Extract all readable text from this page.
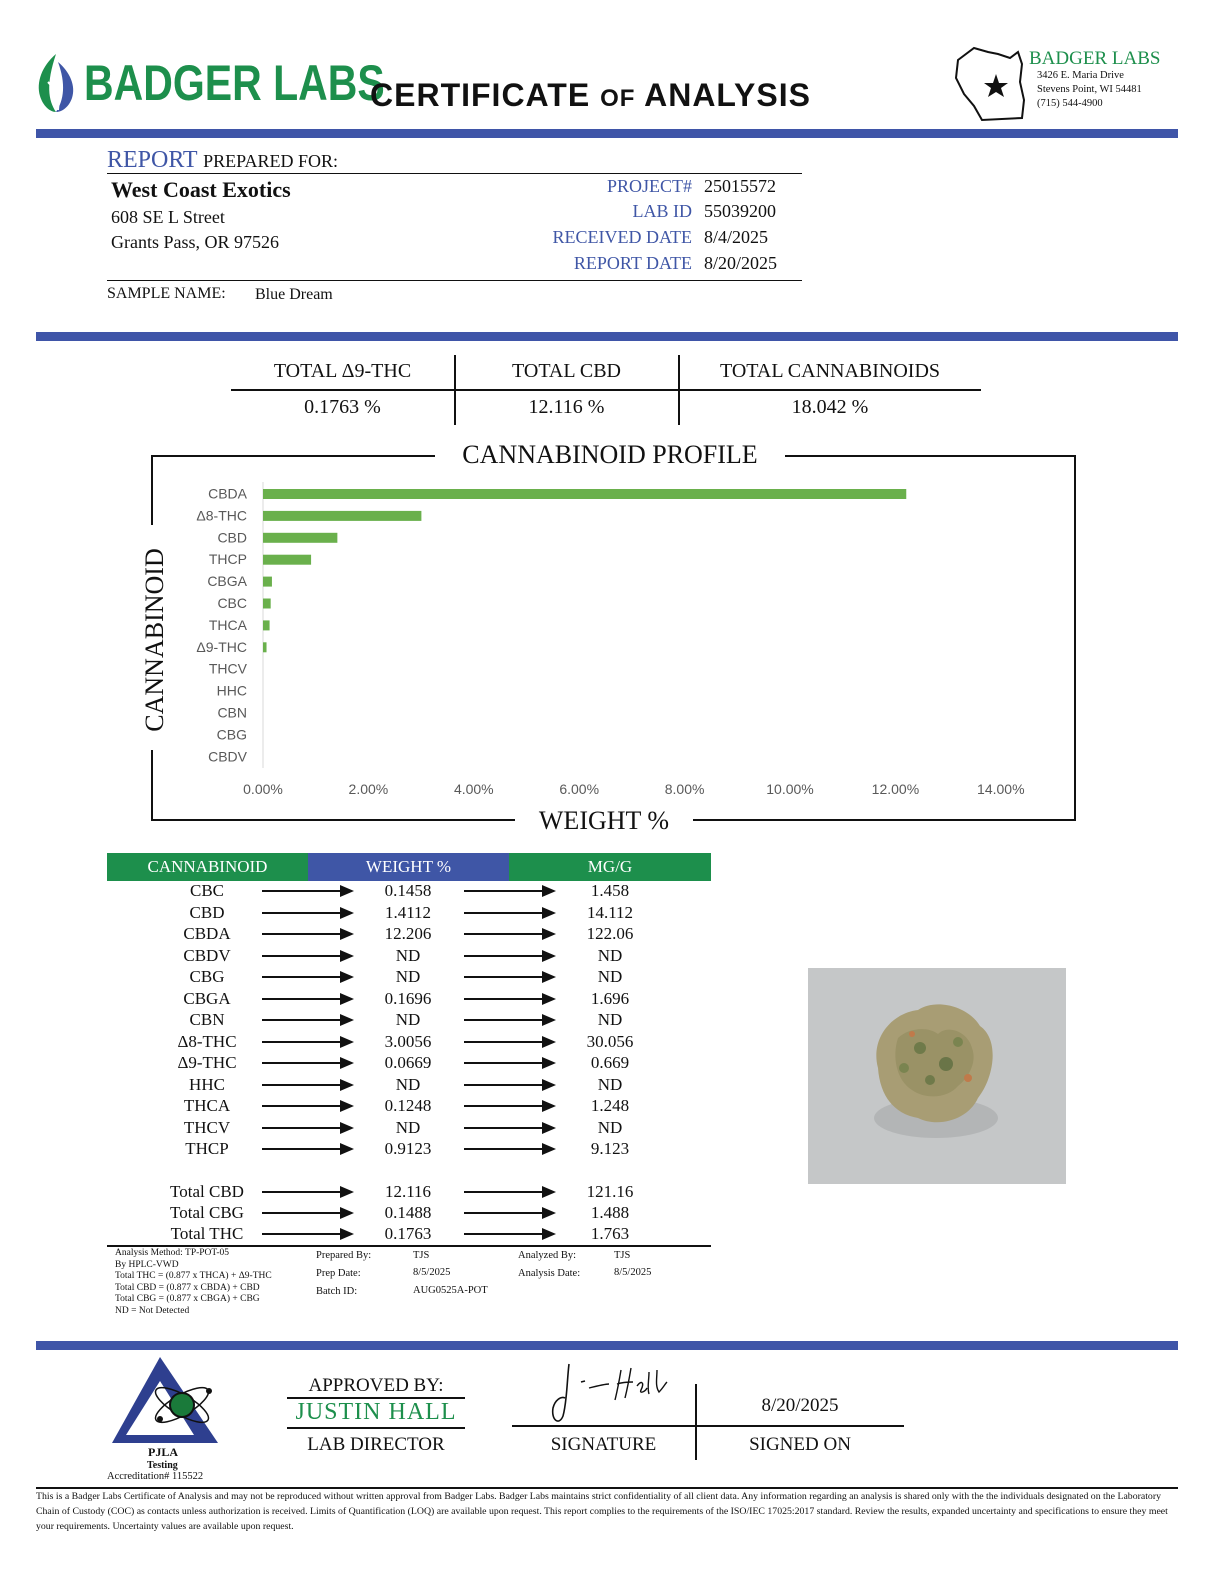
BADGER LABS
CERTIFICATE OF ANALYSIS
BADGER LABS
3426 E. Maria Drive
Stevens Point, WI 54481
(715) 544-4900
REPORT PREPARED FOR:
West Coast Exotics
608 SE L Street
Grants Pass, OR 97526
PROJECT# 25015572
LAB ID 55039200
RECEIVED DATE 8/4/2025
REPORT DATE 8/20/2025
SAMPLE NAME: Blue Dream
TOTAL Δ9-THC	TOTAL CBD	TOTAL CANNABINOIDS
0.1763 %	12.116 %	18.042 %
CANNABINOID PROFILE
WEIGHT %
CANNABINOID
CBDA
Δ8-THC
CBD
THCP
CBGA
CBC
THCA
Δ9-THC
THCV
HHC
CBN
CBG
CBDV
0.00%	2.00%	4.00%	6.00%	8.00%	10.00%	12.00%	14.00%
CANNABINOID	WEIGHT %	MG/G
CBC	0.1458	1.458
CBD	1.4112	14.112
CBDA	12.206	122.06
CBDV	ND	ND
CBG	ND	ND
CBGA	0.1696	1.696
CBN	ND	ND
Δ8-THC	3.0056	30.056
Δ9-THC	0.0669	0.669
HHC	ND	ND
THCA	0.1248	1.248
THCV	ND	ND
THCP	0.9123	9.123
Total CBD	12.116	121.16
Total CBG	0.1488	1.488
Total THC	0.1763	1.763
Analysis Method: TP-POT-05
By HPLC-VWD
Total THC = (0.877 x THCA) + Δ9-THC
Total CBD = (0.877 x CBDA) + CBD
Total CBG = (0.877 x CBGA) + CBG
ND = Not Detected
Prepared By:	TJS
Prep Date:	8/5/2025
Batch ID:	AUG0525A-POT
Analyzed By:	TJS
Analysis Date:	8/5/2025
PJLA
Testing
Accreditation# 115522
APPROVED BY:
JUSTIN HALL
LAB DIRECTOR
8/20/2025
SIGNATURE	SIGNED ON
This is a Badger Labs Certificate of Analysis and may not be reproduced without written approval from Badger Labs. Badger Labs maintains strict confidentiality of all client data. Any information regarding an analysis is shared only with the the individuals designated on the Laboratory Chain of Custody (COC) as contacts unless authorization is received. Limits of Quantification (LOQ) are available upon request. This report complies to the requirements of the ISO/IEC 17025:2017 standard. Review the results, expanded uncertainty and specifications to ensure they meet your requirements. Uncertainty values are available upon request.
